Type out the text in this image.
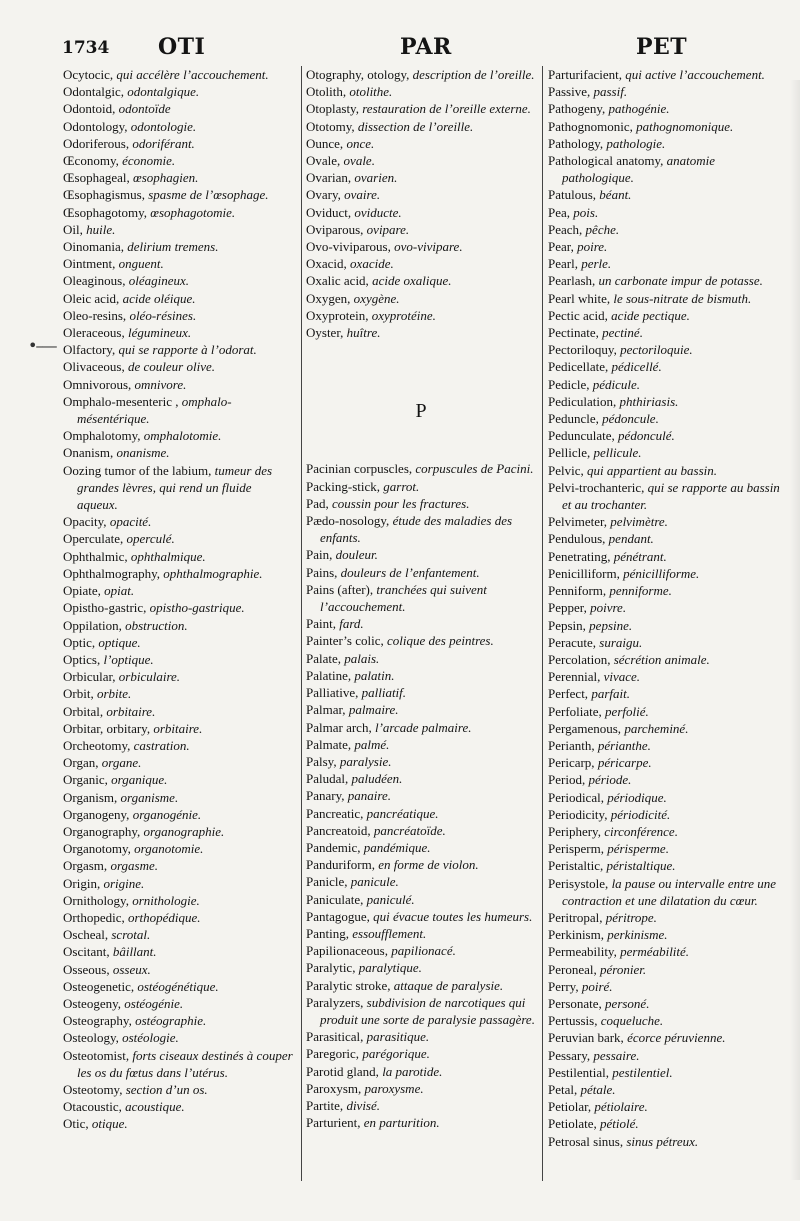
1734 OTI	PAR	PET
•–—
Ocytocic, qui accélère l’accouchement.
Odontalgic, odontalgique.
Odontoid, odontoïde
Odontology, odontologie.
Odoriferous, odoriférant.
Œconomy, économie.
Œsophageal, œsophagien.
Œsophagismus, spasme de l’œsophage.
Œsophagotomy, œsophagotomie.
Oil, huile.
Oinomania, delirium tremens.
Ointment, onguent.
Oleaginous, oléagineux.
Oleic acid, acide oléique.
Oleo-resins, oléo-résines.
Oleraceous, légumineux.
Olfactory, qui se rapporte à l’odorat.
Olivaceous, de couleur olive.
Omnivorous, omnivore.
Omphalo-mesenteric , omphalo-mésentérique.
Omphalotomy, omphalotomie.
Onanism, onanisme.
Oozing tumor of the labium, tumeur des grandes lèvres, qui rend un fluide aqueux.
Opacity, opacité.
Operculate, operculé.
Ophthalmic, ophthalmique.
Ophthalmography, ophthalmographie.
Opiate, opiat.
Opistho-gastric, opistho-gastrique.
Oppilation, obstruction.
Optic, optique.
Optics, l’optique.
Orbicular, orbiculaire.
Orbit, orbite.
Orbital, orbitaire.
Orbitar, orbitary, orbitaire.
Orcheotomy, castration.
Organ, organe.
Organic, organique.
Organism, organisme.
Organogeny, organogénie.
Organography, organographie.
Organotomy, organotomie.
Orgasm, orgasme.
Origin, origine.
Ornithology, ornithologie.
Orthopedic, orthopédique.
Oscheal, scrotal.
Oscitant, bâillant.
Osseous, osseux.
Osteogenetic, ostéogénétique.
Osteogeny, ostéogénie.
Osteography, ostéographie.
Osteology, ostéologie.
Osteotomist, forts ciseaux destinés à couper les os du fœtus dans l’utérus.
Osteotomy, section d’un os.
Otacoustic, acoustique.
Otic, otique.
Otography, otology, description de l’oreille.
Otolith, otolithe.
Otoplasty, restauration de l’oreille externe.
Ototomy, dissection de l’oreille.
Ounce, once.
Ovale, ovale.
Ovarian, ovarien.
Ovary, ovaire.
Oviduct, oviducte.
Oviparous, ovipare.
Ovo-viviparous, ovo-vivipare.
Oxacid, oxacide.
Oxalic acid, acide oxalique.
Oxygen, oxygène.
Oxyprotein, oxyprotéine.
Oyster, huître.
P
Pacinian corpuscles, corpuscules de Pacini.
Packing-stick, garrot.
Pad, coussin pour les fractures.
Pædo-nosology, étude des maladies des enfants.
Pain, douleur.
Pains, douleurs de l’enfantement.
Pains (after), tranchées qui suivent l’accouchement.
Paint, fard.
Painter’s colic, colique des peintres.
Palate, palais.
Palatine, palatin.
Palliative, palliatif.
Palmar, palmaire.
Palmar arch, l’arcade palmaire.
Palmate, palmé.
Palsy, paralysie.
Paludal, paludéen.
Panary, panaire.
Pancreatic, pancréatique.
Pancreatoid, pancréatoïde.
Pandemic, pandémique.
Panduriform, en forme de violon.
Panicle, panicule.
Paniculate, paniculé.
Pantagogue, qui évacue toutes les humeurs.
Panting, essoufflement.
Papilionaceous, papilionacé.
Paralytic, paralytique.
Paralytic stroke, attaque de paralysie.
Paralyzers, subdivision de narcotiques qui produit une sorte de paralysie passagère.
Parasitical, parasitique.
Paregoric, parégorique.
Parotid gland, la parotide.
Paroxysm, paroxysme.
Partite, divisé.
Parturient, en parturition.
Parturifacient, qui active l’accouchement.
Passive, passif.
Pathogeny, pathogénie.
Pathognomonic, pathognomonique.
Pathology, pathologie.
Pathological anatomy, anatomie pathologique.
Patulous, béant.
Pea, pois.
Peach, pêche.
Pear, poire.
Pearl, perle.
Pearlash, un carbonate impur de potasse.
Pearl white, le sous-nitrate de bismuth.
Pectic acid, acide pectique.
Pectinate, pectiné.
Pectoriloquy, pectoriloquie.
Pedicellate, pédicellé.
Pedicle, pédicule.
Pediculation, phthiriasis.
Peduncle, pédoncule.
Pedunculate, pédonculé.
Pellicle, pellicule.
Pelvic, qui appartient au bassin.
Pelvi-trochanteric, qui se rapporte au bassin et au trochanter.
Pelvimeter, pelvimètre.
Pendulous, pendant.
Penetrating, pénétrant.
Penicilliform, pénicilliforme.
Penniform, penniforme.
Pepper, poivre.
Pepsin, pepsine.
Peracute, suraigu.
Percolation, sécrétion animale.
Perennial, vivace.
Perfect, parfait.
Perfoliate, perfolié.
Pergamenous, parcheminé.
Perianth, périanthe.
Pericarp, péricarpe.
Period, période.
Periodical, périodique.
Periodicity, périodicité.
Periphery, circonférence.
Perisperm, périsperme.
Peristaltic, péristaltique.
Perisystole, la pause ou intervalle entre une contraction et une dilatation du cœur.
Peritropal, péritrope.
Perkinism, perkinisme.
Permeability, perméabilité.
Peroneal, péronier.
Perry, poiré.
Personate, personé.
Pertussis, coqueluche.
Peruvian bark, écorce péruvienne.
Pessary, pessaire.
Pestilential, pestilentiel.
Petal, pétale.
Petiolar, pétiolaire.
Petiolate, pétiolé.
Petrosal sinus, sinus pétreux.
